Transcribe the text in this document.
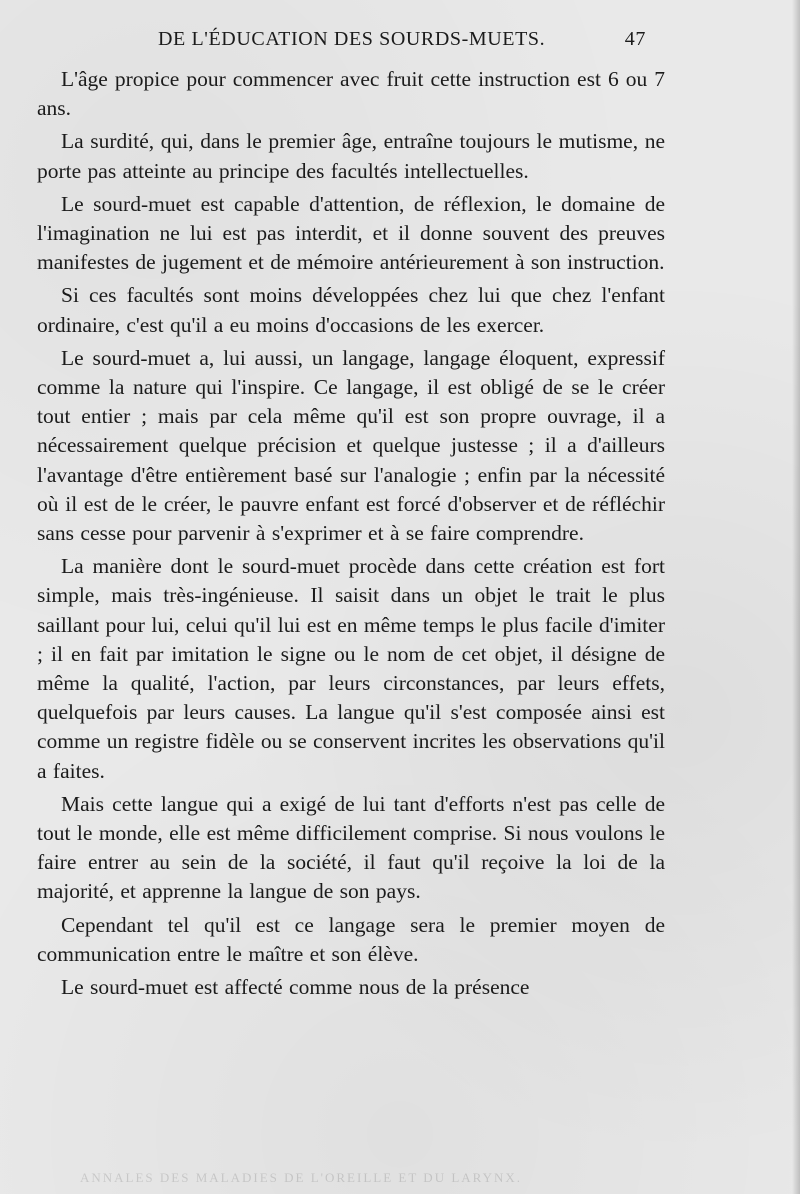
DE L'ÉDUCATION DES SOURDS-MUETS.	47

L'âge propice pour commencer avec fruit cette instruction est 6 ou 7 ans.

La surdité, qui, dans le premier âge, entraîne toujours le mutisme, ne porte pas atteinte au principe des facultés intellectuelles.

Le sourd-muet est capable d'attention, de réflexion, le domaine de l'imagination ne lui est pas interdit, et il donne souvent des preuves manifestes de jugement et de mémoire antérieurement à son instruction.

Si ces facultés sont moins développées chez lui que chez l'enfant ordinaire, c'est qu'il a eu moins d'occasions de les exercer.

Le sourd-muet a, lui aussi, un langage, langage éloquent, expressif comme la nature qui l'inspire. Ce langage, il est obligé de se le créer tout entier ; mais par cela même qu'il est son propre ouvrage, il a nécessairement quelque précision et quelque justesse ; il a d'ailleurs l'avantage d'être entièrement basé sur l'analogie ; enfin par la nécessité où il est de le créer, le pauvre enfant est forcé d'observer et de réfléchir sans cesse pour parvenir à s'exprimer et à se faire comprendre.

La manière dont le sourd-muet procède dans cette création est fort simple, mais très-ingénieuse. Il saisit dans un objet le trait le plus saillant pour lui, celui qu'il lui est en même temps le plus facile d'imiter ; il en fait par imitation le signe ou le nom de cet objet, il désigne de même la qualité, l'action, par leurs circonstances, par leurs effets, quelquefois par leurs causes. La langue qu'il s'est composée ainsi est comme un registre fidèle ou se conservent incrites les observations qu'il a faites.

Mais cette langue qui a exigé de lui tant d'efforts n'est pas celle de tout le monde, elle est même difficilement comprise. Si nous voulons le faire entrer au sein de la société, il faut qu'il reçoive la loi de la majorité, et apprenne la langue de son pays.

Cependant tel qu'il est ce langage sera le premier moyen de communication entre le maître et son élève.

Le sourd-muet est affecté comme nous de la présence

ANNALES DES MALADIES DE L'OREILLE ET DU LARYNX.
